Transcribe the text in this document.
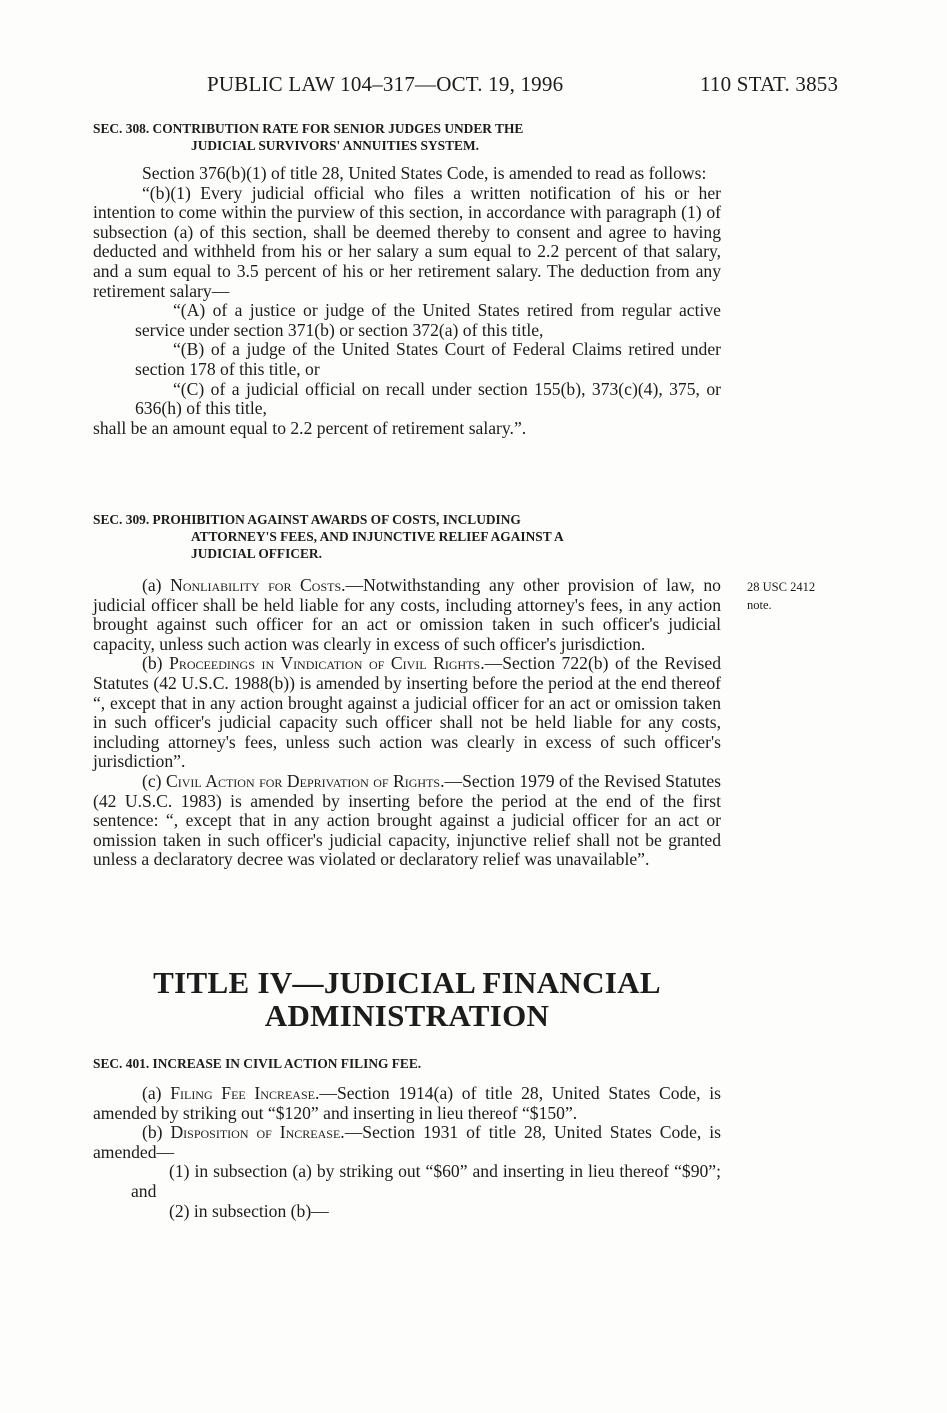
PUBLIC LAW 104–317—OCT. 19, 1996	110 STAT. 3853

SEC. 308. CONTRIBUTION RATE FOR SENIOR JUDGES UNDER THE
JUDICIAL SURVIVORS' ANNUITIES SYSTEM.

Section 376(b)(1) of title 28, United States Code, is amended to read as follows:

“(b)(1) Every judicial official who files a written notification of his or her intention to come within the purview of this section, in accordance with paragraph (1) of subsection (a) of this section, shall be deemed thereby to consent and agree to having deducted and withheld from his or her salary a sum equal to 2.2 percent of that salary, and a sum equal to 3.5 percent of his or her retirement salary. The deduction from any retirement salary—

“(A) of a justice or judge of the United States retired from regular active service under section 371(b) or section 372(a) of this title,

“(B) of a judge of the United States Court of Federal Claims retired under section 178 of this title, or

“(C) of a judicial official on recall under section 155(b), 373(c)(4), 375, or 636(h) of this title,

shall be an amount equal to 2.2 percent of retirement salary.”.

SEC. 309. PROHIBITION AGAINST AWARDS OF COSTS, INCLUDING
ATTORNEY'S FEES, AND INJUNCTIVE RELIEF AGAINST A
JUDICIAL OFFICER.

(a) Nonliability for Costs.—Notwithstanding any other provision of law, no judicial officer shall be held liable for any costs, including attorney's fees, in any action brought against such officer for an act or omission taken in such officer's judicial capacity, unless such action was clearly in excess of such officer's jurisdiction.

(b) Proceedings in Vindication of Civil Rights.—Section 722(b) of the Revised Statutes (42 U.S.C. 1988(b)) is amended by inserting before the period at the end thereof “, except that in any action brought against a judicial officer for an act or omission taken in such officer's judicial capacity such officer shall not be held liable for any costs, including attorney's fees, unless such action was clearly in excess of such officer's jurisdiction”.

(c) Civil Action for Deprivation of Rights.—Section 1979 of the Revised Statutes (42 U.S.C. 1983) is amended by inserting before the period at the end of the first sentence: “, except that in any action brought against a judicial officer for an act or omission taken in such officer's judicial capacity, injunctive relief shall not be granted unless a declaratory decree was violated or declaratory relief was unavailable”.

28 USC 2412
note.
TITLE IV—JUDICIAL FINANCIAL
ADMINISTRATION

SEC. 401. INCREASE IN CIVIL ACTION FILING FEE.

(a) Filing Fee Increase.—Section 1914(a) of title 28, United States Code, is amended by striking out “$120” and inserting in lieu thereof “$150”.

(b) Disposition of Increase.—Section 1931 of title 28, United States Code, is amended—

(1) in subsection (a) by striking out “$60” and inserting in lieu thereof “$90”; and

(2) in subsection (b)—
